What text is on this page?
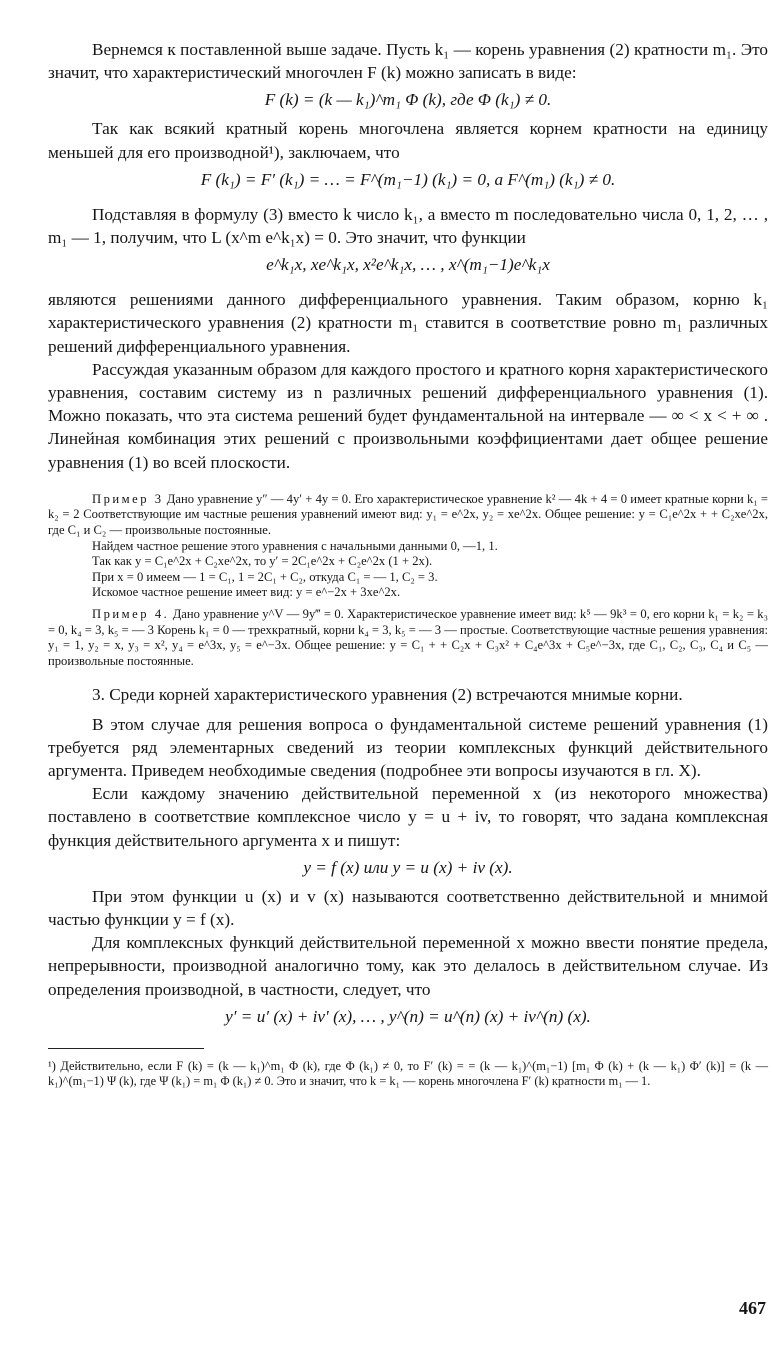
Вернемся к поставленной выше задаче. Пусть k₁ — корень уравнения (2) кратности m₁. Это значит, что характеристический многочлен F (k) можно записать в виде:

F (k) = (k — k₁)^m₁ Φ (k), где Φ (k₁) ≠ 0.

Так как всякий кратный корень многочлена является корнем кратности на единицу меньшей для его производной¹), заключаем, что

F (k₁) = F′ (k₁) = … = F^(m₁−1) (k₁) = 0, а F^(m₁) (k₁) ≠ 0.

Подставляя в формулу (3) вместо k число k₁, а вместо m последовательно числа 0, 1, 2, … , m₁ — 1, получим, что L (x^m e^k₁x) = 0. Это значит, что функции

e^k₁x, xe^k₁x, x²e^k₁x, … , x^(m₁−1)e^k₁x

являются решениями данного дифференциального уравнения. Таким образом, корню k₁ характеристического уравнения (2) кратности m₁ ставится в соответствие ровно m₁ различных решений дифференциального уравнения.

Рассуждая указанным образом для каждого простого и кратного корня характеристического уравнения, составим систему из n различных решений дифференциального уравнения (1). Можно показать, что эта система решений будет фундаментальной на интервале — ∞ < x < + ∞ . Линейная комбинация этих решений с произвольными коэффициентами дает общее решение уравнения (1) во всей плоскости.

Пример 3 Дано уравнение y″ — 4y′ + 4y = 0. Его характеристическое уравнение k² — 4k + 4 = 0 имеет кратные корни k₁ = k₂ = 2 Соответствующие им частные решения уравнений имеют вид: y₁ = e^2x, y₂ = xe^2x. Общее решение: y = C₁e^2x + + C₂xe^2x, где C₁ и C₂ — произвольные постоянные.

Найдем частное решение этого уравнения с начальными данными 0, —1, 1.

Так как y = C₁e^2x + C₂xe^2x, то y′ = 2C₁e^2x + C₂e^2x (1 + 2x).

При x = 0 имеем — 1 = C₁, 1 = 2C₁ + C₂, откуда C₁ = — 1, C₂ = 3.

Искомое частное решение имеет вид: y = e^−2x + 3xe^2x.

Пример 4. Дано уравнение y^V — 9y‴ = 0. Характеристическое уравнение имеет вид: k⁵ — 9k³ = 0, его корни k₁ = k₂ = k₃ = 0, k₄ = 3, k₅ = — 3 Корень k₁ = 0 — трехкратный, корни k₄ = 3, k₅ = — 3 — простые. Соответствующие частные решения уравнения: y₁ = 1, y₂ = x, y₃ = x², y₄ = e^3x, y₅ = e^−3x. Общее решение: y = C₁ + + C₂x + C₃x² + C₄e^3x + C₅e^−3x, где C₁, C₂, C₃, C₄ и C₅ — произвольные постоянные.

3. Среди корней характеристического уравнения (2) встречаются мнимые корни.

В этом случае для решения вопроса о фундаментальной системе решений уравнения (1) требуется ряд элементарных сведений из теории комплексных функций действительного аргумента. Приведем необходимые сведения (подробнее эти вопросы изучаются в гл. X).

Если каждому значению действительной переменной x (из некоторого множества) поставлено в соответствие комплексное число y = u + iv, то говорят, что задана комплексная функция действительного аргумента x и пишут:

y = f (x) или y = u (x) + iv (x).

При этом функции u (x) и v (x) называются соответственно действительной и мнимой частью функции y = f (x).

Для комплексных функций действительной переменной x можно ввести понятие предела, непрерывности, производной аналогично тому, как это делалось в действительном случае. Из определения производной, в частности, следует, что

y′ = u′ (x) + iv′ (x), … , y^(n) = u^(n) (x) + iv^(n) (x).

¹) Действительно, если F (k) = (k — k₁)^m₁ Φ (k), где Φ (k₁) ≠ 0, то F′ (k) = = (k — k₁)^(m₁−1) [m₁ Φ (k) + (k — k₁) Φ′ (k)] = (k — k₁)^(m₁−1) Ψ (k), где Ψ (k₁) = m₁ Φ (k₁) ≠ 0. Это и значит, что k = k₁ — корень многочлена F′ (k) кратности m₁ — 1.

467
